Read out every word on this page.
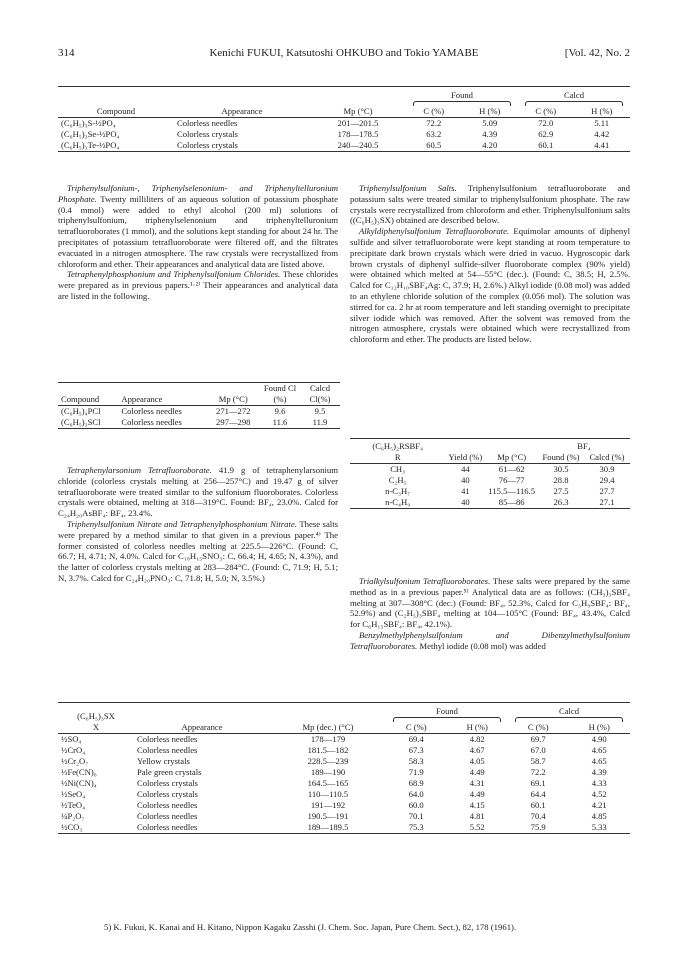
314	Kenichi FUKUI, Katsutoshi OHKUBO and Tokio YAMABE	[Vol. 42, No. 2
Compound	Appearance	Mp (°C)	Found		Calcd	

			C (%)	H (%)	C (%)	H (%)
(C₆H₅)₃S-½PO₄	Colorless needles	201—201.5	72.2	5.09	72.0	5.11
(C₆H₅)₃Se-½PO₄	Colorless crystals	178—178.5	63.2	4.39	62.9	4.42
(C₆H₅)₃Te-½PO₄	Colorless crystals	240—240.5	60.5	4.20	60.1	4.41

Triphenylsulfonium-, Triphenylselenonium- and Triphenyltelluronium Phosphate. Twenty milliliters of an aqueous solution of potassium phosphate (0.4 mmol) were added to ethyl alcohol (200 ml) solutions of triphenylsulfonium, triphenylselenonium and triphenyltelluronium tetrafluoroborates (1 mmol), and the solutions kept standing for about 24 hr. The precipitates of potassium tetrafluoroborate were filtered off, and the filtrates evacuated in a nitrogen atmosphere. The raw crystals were recrystallized from chloroform and ether. Their appearances and analytical data are listed above.

Tetraphenylphosphonium and Triphenylsulfonium Chlorides. These chlorides were prepared as in previous papers.¹·²⁾ Their appearances and analytical data are listed in the following.

Compound	Appearance	Mp (°C)	Found Cl (%)	Calcd Cl(%)
(C₆H₅)₄PCl	Colorless needles	271—272	9.6	9.5
(C₆H₅)₃SCl	Colorless needles	297—298	11.6	11.9

Tetraphenylarsonium Tetrafluoroborate. 41.9 g of tetraphenylarsonium chloride (colorless crystals melting at 256—257°C) and 19.47 g of silver tetrafluoroborate were treated similar to the sulfonium fluoroborates. Colorless crystals were obtained, melting at 318—319°C. Found: BF₄, 23.0%. Calcd for C₂₄H₂₀AsBF₄: BF₄, 23.4%.

Triphenylsulfonium Nitrate and Tetraphenylphosphonium Nitrate. These salts were prepared by a method similar to that given in a previous paper.⁴⁾ The former consisted of colorless needles melting at 225.5—226°C. (Found: C, 66.7; H, 4.71; N, 4.0%. Calcd for C₁₈H₁₅SNO₃: C, 66.4; H, 4.65; N, 4.3%), and the latter of colorless crystals melting at 283—284°C. (Found: C, 71.9; H, 5.1; N, 3.7%. Calcd for C₂₄H₂₀PNO₃: C, 71.8; H, 5.0; N, 3.5%.)

Triphenylsulfonium Salts. Triphenylsulfonium tetrafluoroborate and potassium salts were treated similar to triphenylsulfonium phosphate. The raw crystals were recrystallized from chloroform and ether. Triphenylsulfonium salts ((C₆H₅)₃SX) obtained are described below.

Alkyldiphenylsulfonium Tetrafluoroborate. Equimolar amounts of diphenyl sulfide and silver tetrafluoroborate were kept standing at room temperature to precipitate dark brown crystals which were dried in vacuo. Hygroscopic dark brown crystals of diphenyl sulfide-silver fluoroborate complex (90% yield) were obtained which melted at 54—55°C (dec.). (Found: C, 38.5; H, 2.5%. Calcd for C₁₂H₁₀SBF₄Ag: C, 37.9; H, 2.6%.) Alkyl iodide (0.08 mol) was added to an ethylene chloride solution of the complex (0.056 mol). The solution was stirred for ca. 2 hr at room temperature and left standing overnight to precipitate silver iodide which was removed. After the solvent was removed from the nitrogen atmosphere, crystals were obtained which were recrystallized from chloroform and ether. The products are listed below.

(C₆H₅)₂RSBF₄	Yield (%)	Mp (°C)	BF₄	
R			Found (%)	Calcd (%)
CH₃	44	61—62	30.5	30.9
C₂H₅	40	76—77	28.8	29.4
n-C₃H₇	41	115.5—116.5	27.5	27.7
n-C₄H₉	40	85—86	26.3	27.1

Trialkylsulfonium Tetrafluoroborates. These salts were prepared by the same method as in a previous paper.⁵⁾ Analytical data are as follows: (CH₃)₃SBF₄ melting at 307—308°C (dec.) (Found: BF₄, 52.3%, Calcd for C₃H₉SBF₄: BF₄, 52.9%) and (C₂H₅)₃SBF₄ melting at 104—105°C (Found: BF₄, 43.4%, Calcd for C₆H₁₅SBF₄: BF₄, 42.1%).

Benzylmethylphenylsulfonium and Dibenzylmethylsulfonium Tetrafluoroborates. Methyl iodide (0.08 mol) was added

(C₆H₅)₃SX	Appearance	Mp (dec.) (°C)	Found		Calcd	

X			C (%)	H (%)	C (%)	H (%)
½SO₄	Colorless needles	178—179	69.4	4.82	69.7	4.90
½CrO₄	Colorless needles	181.5—182	67.3	4.67	67.0	4.65
½Cr₂O₇	Yellow crystals	228.5—239	58.3	4.05	58.7	4.65
⅓Fe(CN)₆	Pale green crystals	189—190	71.9	4.49	72.2	4.39
½Ni(CN)₄	Colorless crystals	164.5—165	68.9	4.31	69.1	4.33
½SeO₄	Colorless crystals	110—110.5	64.0	4.49	64.4	4.52
½TeO₄	Colorless needles	191—192	60.0	4.15	60.1	4.21
¼P₂O₇	Colorless needles	190.5—191	70.1	4.81	70.4	4.85
½CO₃	Colorless needles	189—189.5	75.3	5.52	75.9	5.33
5) K. Fukui, K. Kanai and H. Kitano, Nippon Kagaku Zasshi (J. Chem. Soc. Japan, Pure Chem. Sect.), 82, 178 (1961).
